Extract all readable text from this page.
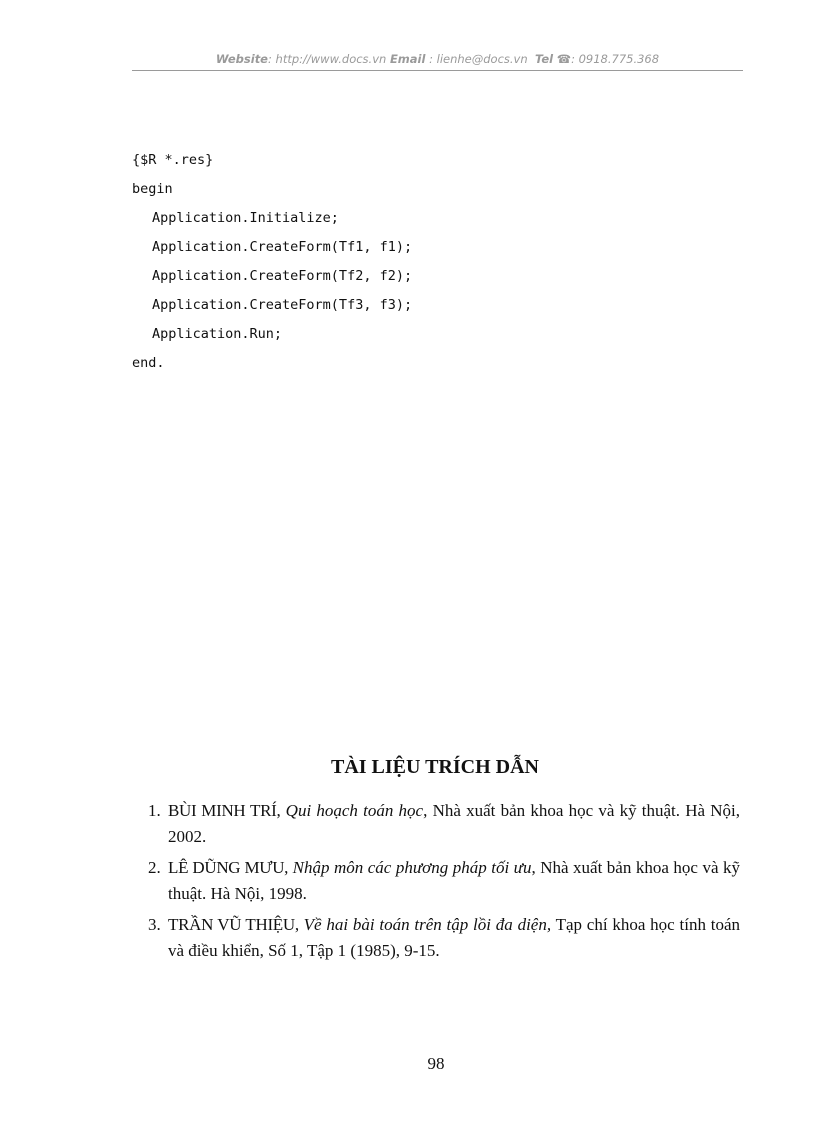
Website: http://www.docs.vn Email : lienhe@docs.vn Tel ☎: 0918.775.368
{$R *.res}
begin
Application.Initialize;
Application.CreateForm(Tf1, f1);
Application.CreateForm(Tf2, f2);
Application.CreateForm(Tf3, f3);
Application.Run;
end.
TÀI LIỆU TRÍCH DẪN
1. BÙI MINH TRÍ, Qui hoạch toán học, Nhà xuất bản khoa học và kỹ thuật. Hà Nội, 2002.
2. LÊ DŨNG MƯU, Nhập môn các phương pháp tối ưu, Nhà xuất bản khoa học và kỹ thuật. Hà Nội, 1998.
3. TRẦN VŨ THIỆU, Về hai bài toán trên tập lồi đa diện, Tạp chí khoa học tính toán và điều khiển, Số 1, Tập 1 (1985), 9-15.
98
